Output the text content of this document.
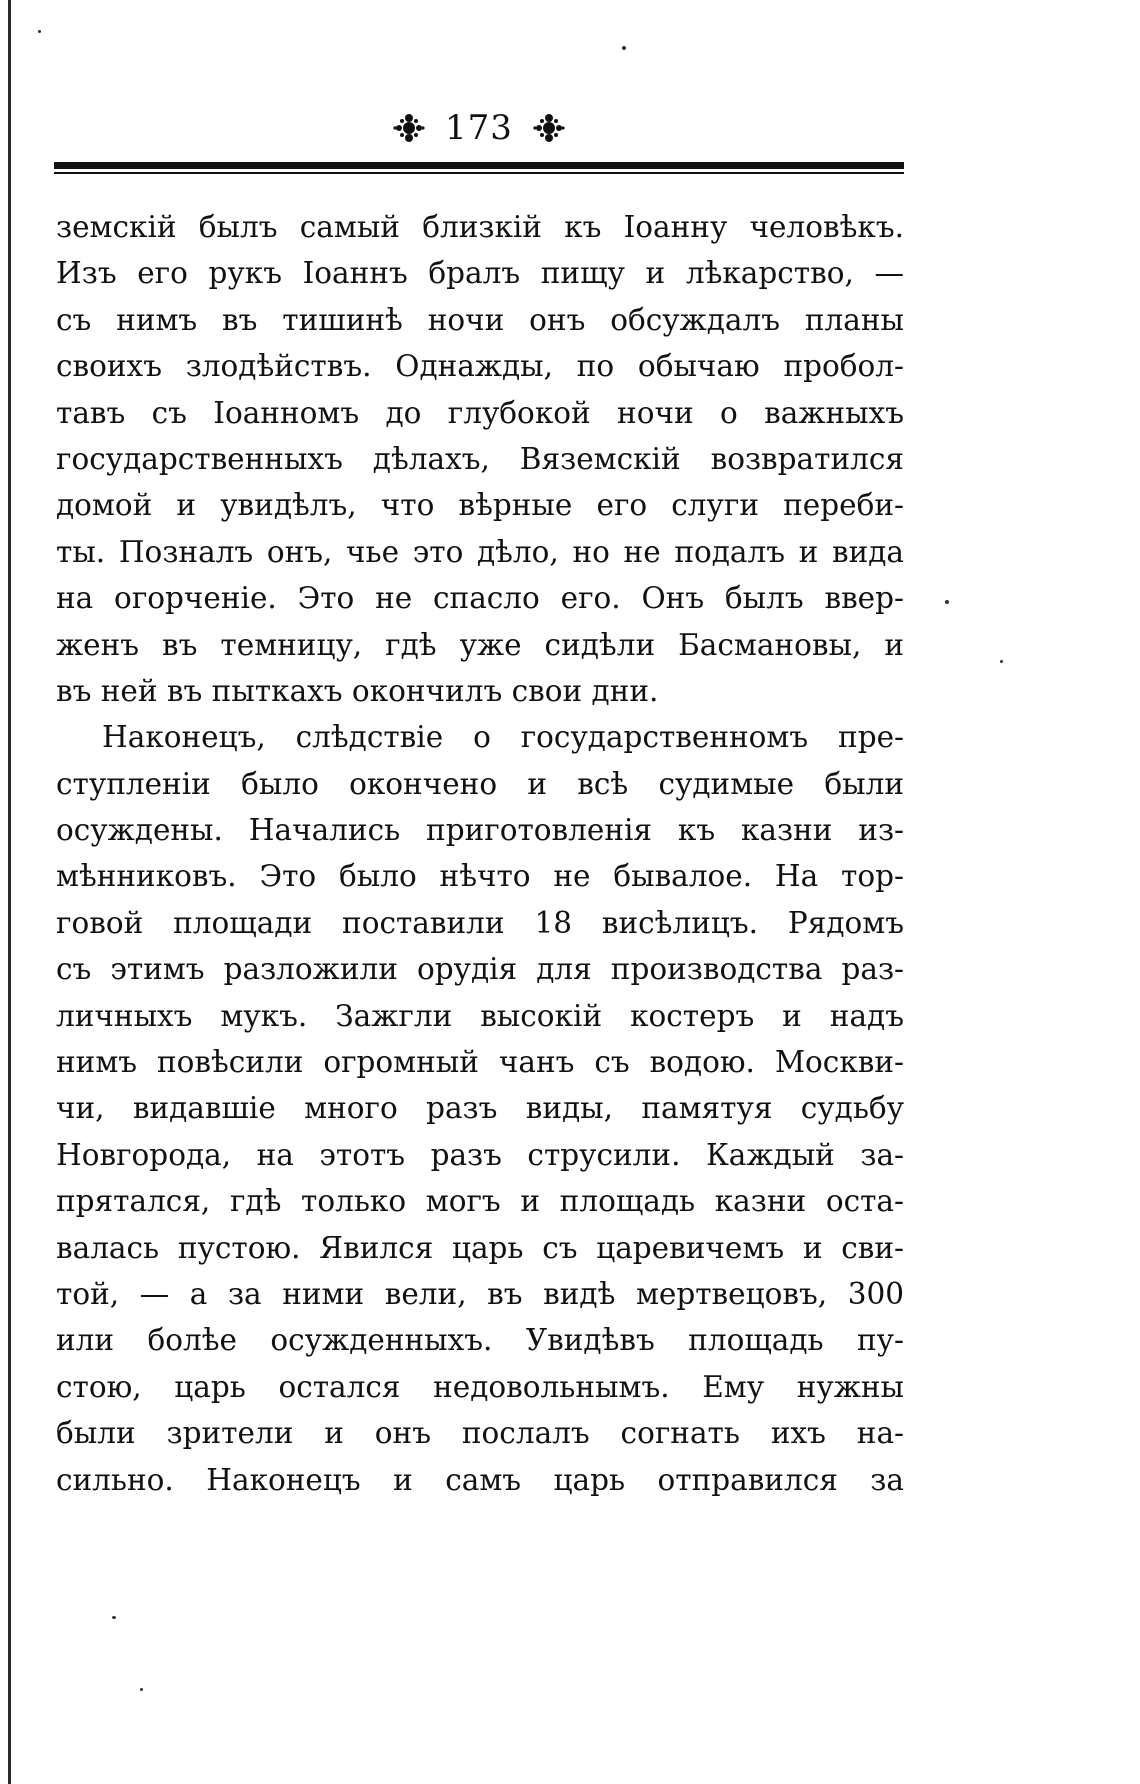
173
земскій былъ самый близкій къ Іоанну человѣкъ.
Изъ его рукъ Іоаннъ бралъ пищу и лѣкарство, —
съ нимъ въ тишинѣ ночи онъ обсуждалъ планы
своихъ злодѣйствъ. Однажды, по обычаю пробол-
тавъ съ Іоанномъ до глубокой ночи о важныхъ
государственныхъ дѣлахъ, Вяземскій возвратился
домой и увидѣлъ, что вѣрные его слуги переби-
ты. Позналъ онъ, чье это дѣло, но не подалъ и вида
на огорченіе. Это не спасло его. Онъ былъ ввер-
женъ въ темницу, гдѣ уже сидѣли Басмановы, и
въ ней въ пыткахъ окончилъ свои дни.
Наконецъ, слѣдствіе о государственномъ пре-
ступленіи было окончено и всѣ судимые были
осуждены. Начались приготовленія къ казни из-
мѣнниковъ. Это было нѣчто не бывалое. На тор-
говой площади поставили 18 висѣлицъ. Рядомъ
съ этимъ разложили орудія для производства раз-
личныхъ мукъ. Зажгли высокій костеръ и надъ
нимъ повѣсили огромный чанъ съ водою. Москви-
чи, видавшіе много разъ виды, памятуя судьбу
Новгорода, на этотъ разъ струсили. Каждый за-
прятался, гдѣ только могъ и площадь казни оста-
валась пустою. Явился царь съ царевичемъ и сви-
той, — а за ними вели, въ видѣ мертвецовъ, 300
или болѣе осужденныхъ. Увидѣвъ площадь пу-
стою, царь остался недовольнымъ. Ему нужны
были зрители и онъ послалъ согнать ихъ на-
сильно. Наконецъ и самъ царь отправился за
